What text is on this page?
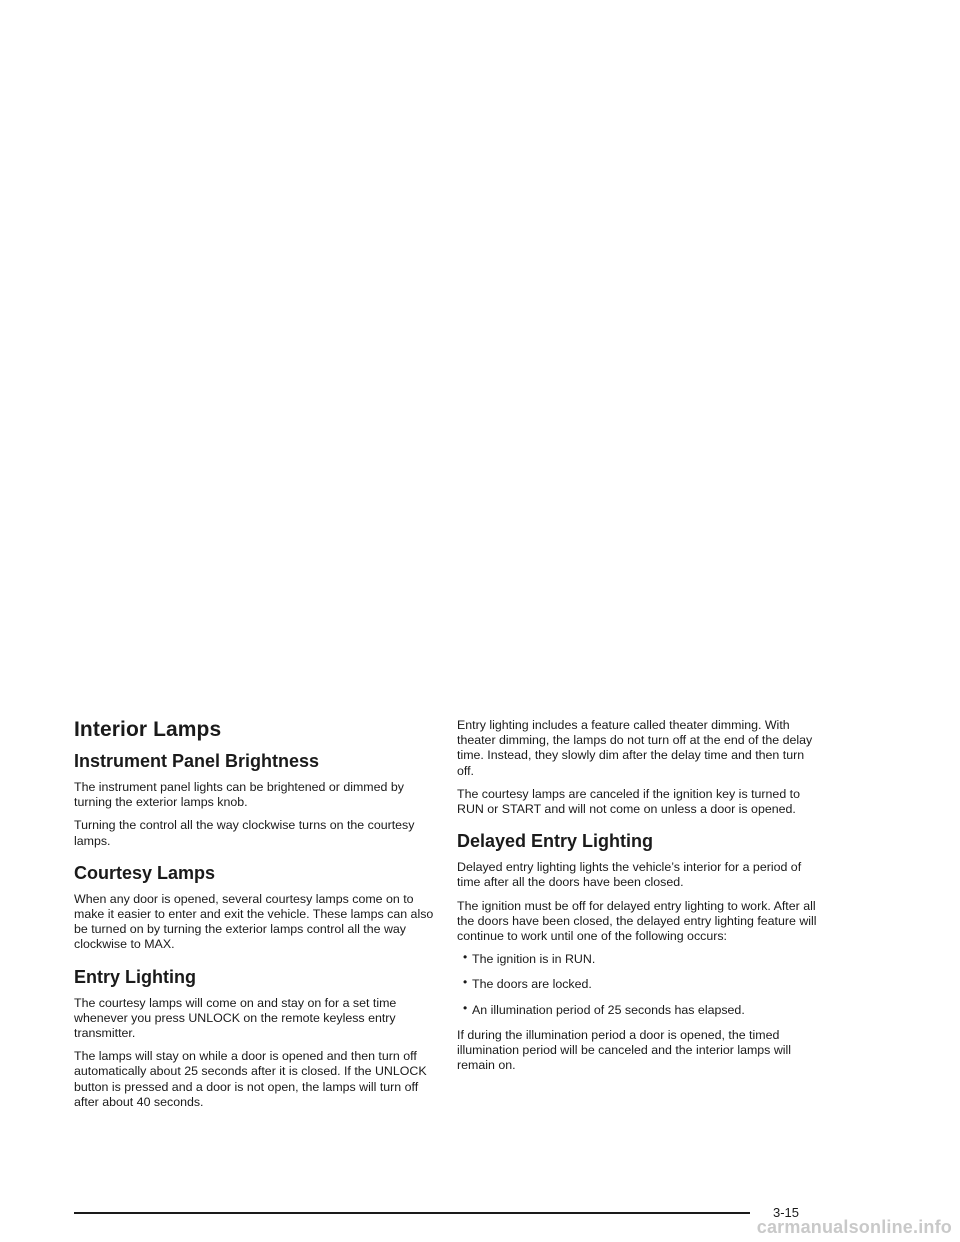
Interior Lamps
Instrument Panel Brightness

The instrument panel lights can be brightened or dimmed by turning the exterior lamps knob.

Turning the control all the way clockwise turns on the courtesy lamps.

Courtesy Lamps

When any door is opened, several courtesy lamps come on to make it easier to enter and exit the vehicle. These lamps can also be turned on by turning the exterior lamps control all the way clockwise to MAX.

Entry Lighting

The courtesy lamps will come on and stay on for a set time whenever you press UNLOCK on the remote keyless entry transmitter.

The lamps will stay on while a door is opened and then turn off automatically about 25 seconds after it is closed. If the UNLOCK button is pressed and a door is not open, the lamps will turn off after about 40 seconds.

Entry lighting includes a feature called theater dimming. With theater dimming, the lamps do not turn off at the end of the delay time. Instead, they slowly dim after the delay time and then turn off.

The courtesy lamps are canceled if the ignition key is turned to RUN or START and will not come on unless a door is opened.

Delayed Entry Lighting

Delayed entry lighting lights the vehicle’s interior for a period of time after all the doors have been closed.

The ignition must be off for delayed entry lighting to work. After all the doors have been closed, the delayed entry lighting feature will continue to work until one of the following occurs:

• The ignition is in RUN.
• The doors are locked.
• An illumination period of 25 seconds has elapsed.

If during the illumination period a door is opened, the timed illumination period will be canceled and the interior lamps will remain on.

3-15
carmanualsonline.info
